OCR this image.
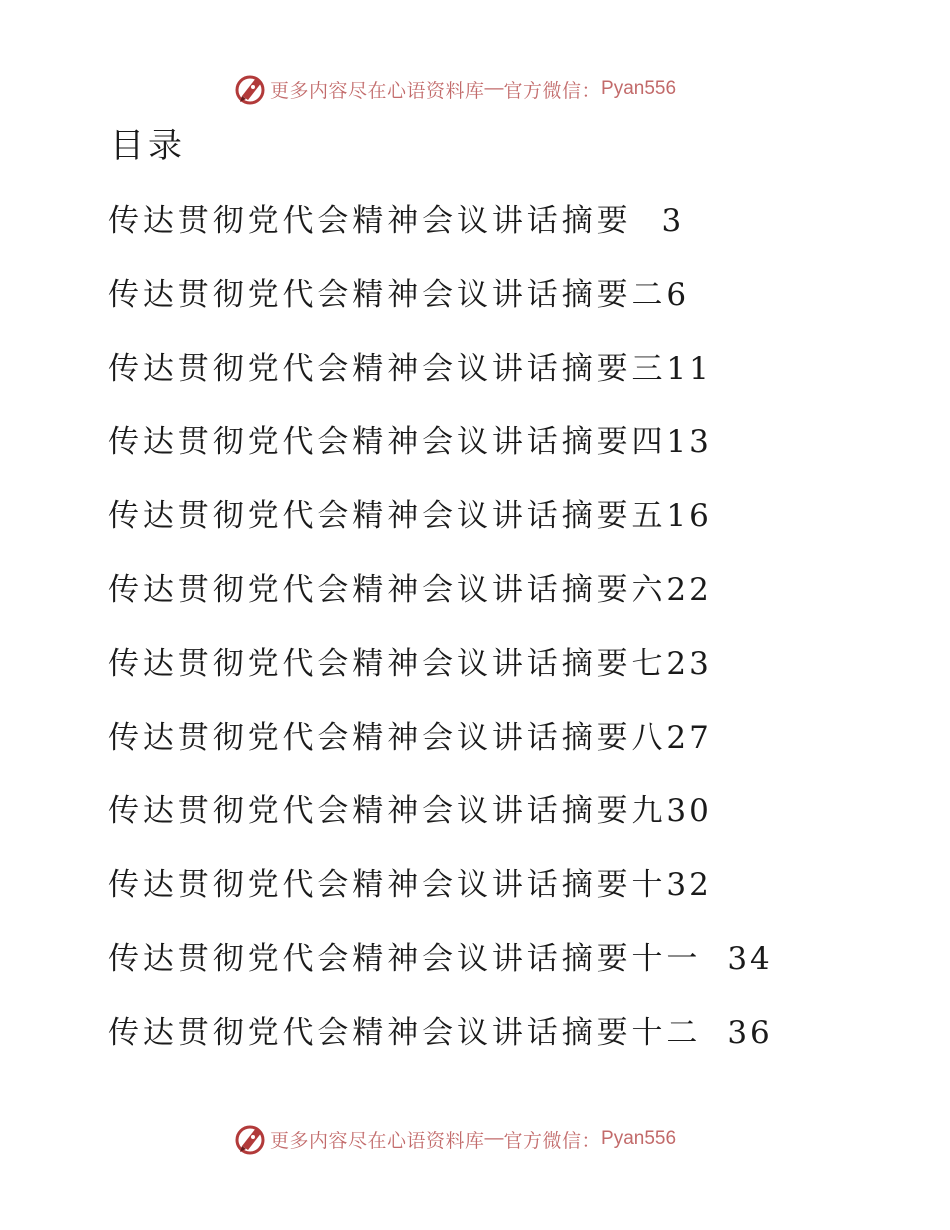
更多内容尽在心语资料库 — 官方微信： Pyan556
目录
传达贯彻党代会精神会议讲话摘要 3
传达贯彻党代会精神会议讲话摘要二 6
传达贯彻党代会精神会议讲话摘要三 11
传达贯彻党代会精神会议讲话摘要四 13
传达贯彻党代会精神会议讲话摘要五 16
传达贯彻党代会精神会议讲话摘要六 22
传达贯彻党代会精神会议讲话摘要七 23
传达贯彻党代会精神会议讲话摘要八 27
传达贯彻党代会精神会议讲话摘要九 30
传达贯彻党代会精神会议讲话摘要十 32
传达贯彻党代会精神会议讲话摘要十一 34
传达贯彻党代会精神会议讲话摘要十二 36
更多内容尽在心语资料库 — 官方微信： Pyan556
